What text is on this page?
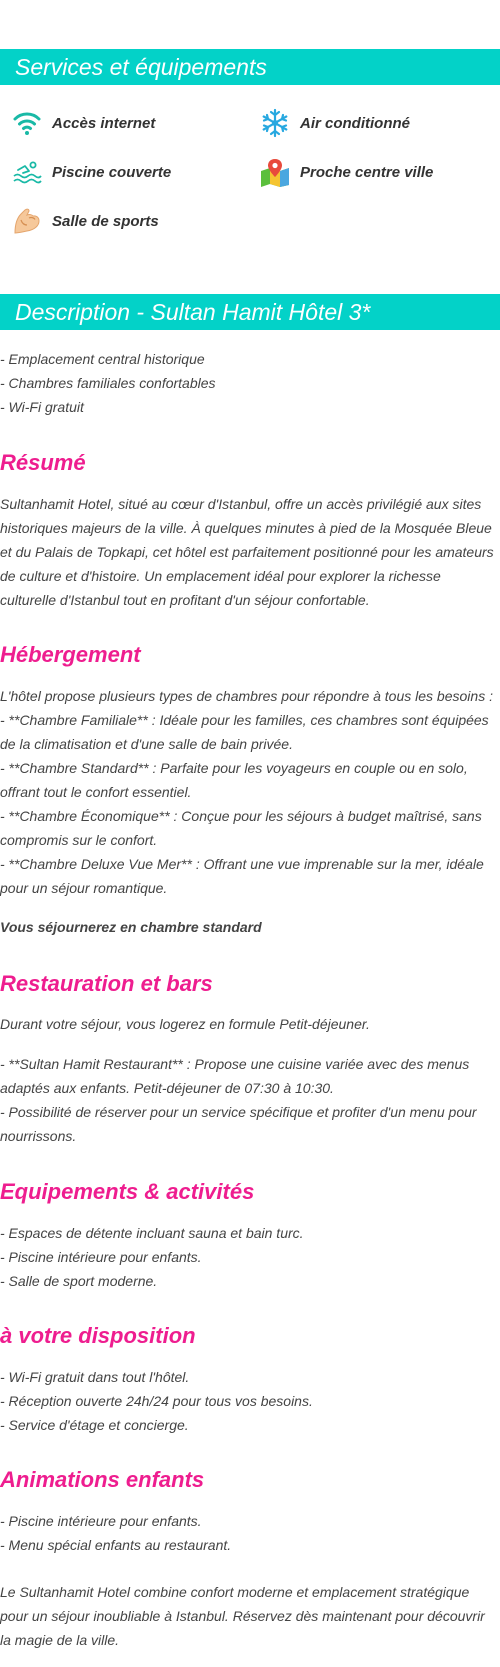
Services et équipements
Accès internet	Air conditionné
Piscine couverte	Proche centre ville
Salle de sports
Description - Sultan Hamit Hôtel 3*
- Emplacement central historique
- Chambres familiales confortables
- Wi-Fi gratuit
Résumé
Sultanhamit Hotel, situé au cœur d'Istanbul, offre un accès privilégié aux sites
historiques majeurs de la ville. À quelques minutes à pied de la Mosquée Bleue
et du Palais de Topkapi, cet hôtel est parfaitement positionné pour les amateurs
de culture et d'histoire. Un emplacement idéal pour explorer la richesse
culturelle d'Istanbul tout en profitant d'un séjour confortable.
Hébergement
L'hôtel propose plusieurs types de chambres pour répondre à tous les besoins :
- **Chambre Familiale** : Idéale pour les familles, ces chambres sont équipées
de la climatisation et d'une salle de bain privée.
- **Chambre Standard** : Parfaite pour les voyageurs en couple ou en solo,
offrant tout le confort essentiel.
- **Chambre Économique** : Conçue pour les séjours à budget maîtrisé, sans
compromis sur le confort.
- **Chambre Deluxe Vue Mer** : Offrant une vue imprenable sur la mer, idéale
pour un séjour romantique.
Vous séjournerez en chambre standard
Restauration et bars
Durant votre séjour, vous logerez en formule Petit-déjeuner.
- **Sultan Hamit Restaurant** : Propose une cuisine variée avec des menus
adaptés aux enfants. Petit-déjeuner de 07:30 à 10:30.
- Possibilité de réserver pour un service spécifique et profiter d'un menu pour
nourrissons.
Equipements & activités
- Espaces de détente incluant sauna et bain turc.
- Piscine intérieure pour enfants.
- Salle de sport moderne.
à votre disposition
- Wi-Fi gratuit dans tout l'hôtel.
- Réception ouverte 24h/24 pour tous vos besoins.
- Service d'étage et concierge.
Animations enfants
- Piscine intérieure pour enfants.
- Menu spécial enfants au restaurant.
Le Sultanhamit Hotel combine confort moderne et emplacement stratégique
pour un séjour inoubliable à Istanbul. Réservez dès maintenant pour découvrir
la magie de la ville.
